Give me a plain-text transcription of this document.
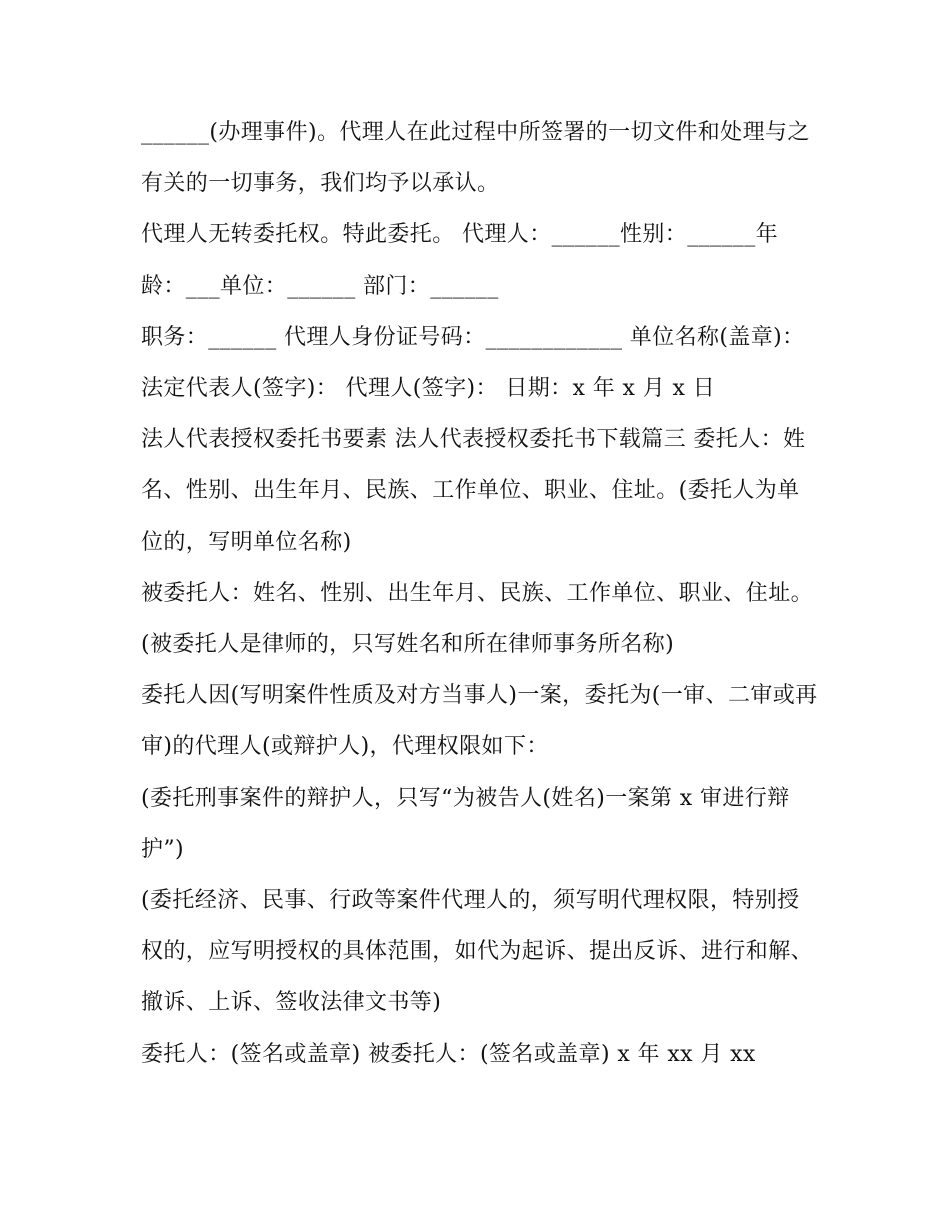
______(办理事件)。代理人在此过程中所签署的一切文件和处理与之有关的一切事务，我们均予以承认。

代理人无转委托权。特此委托。 代理人：______性别：______年龄：___单位：______ 部门：______

职务：______ 代理人身份证号码：____________ 单位名称(盖章)： 法定代表人(签字)： 代理人(签字)： 日期：x 年 x 月 x 日

法人代表授权委托书要素 法人代表授权委托书下载篇三 委托人：姓名、性别、出生年月、民族、工作单位、职业、住址。(委托人为单位的，写明单位名称)

被委托人：姓名、性别、出生年月、民族、工作单位、职业、住址。(被委托人是律师的，只写姓名和所在律师事务所名称)

委托人因(写明案件性质及对方当事人)一案，委托为(一审、二审或再审)的代理人(或辩护人)，代理权限如下：

(委托刑事案件的辩护人，只写“为被告人(姓名)一案第 x 审进行辩护”)

(委托经济、民事、行政等案件代理人的，须写明代理权限，特别授权的，应写明授权的具体范围，如代为起诉、提出反诉、进行和解、撤诉、上诉、签收法律文书等)

委托人：(签名或盖章) 被委托人：(签名或盖章) x 年 xx 月 xx
